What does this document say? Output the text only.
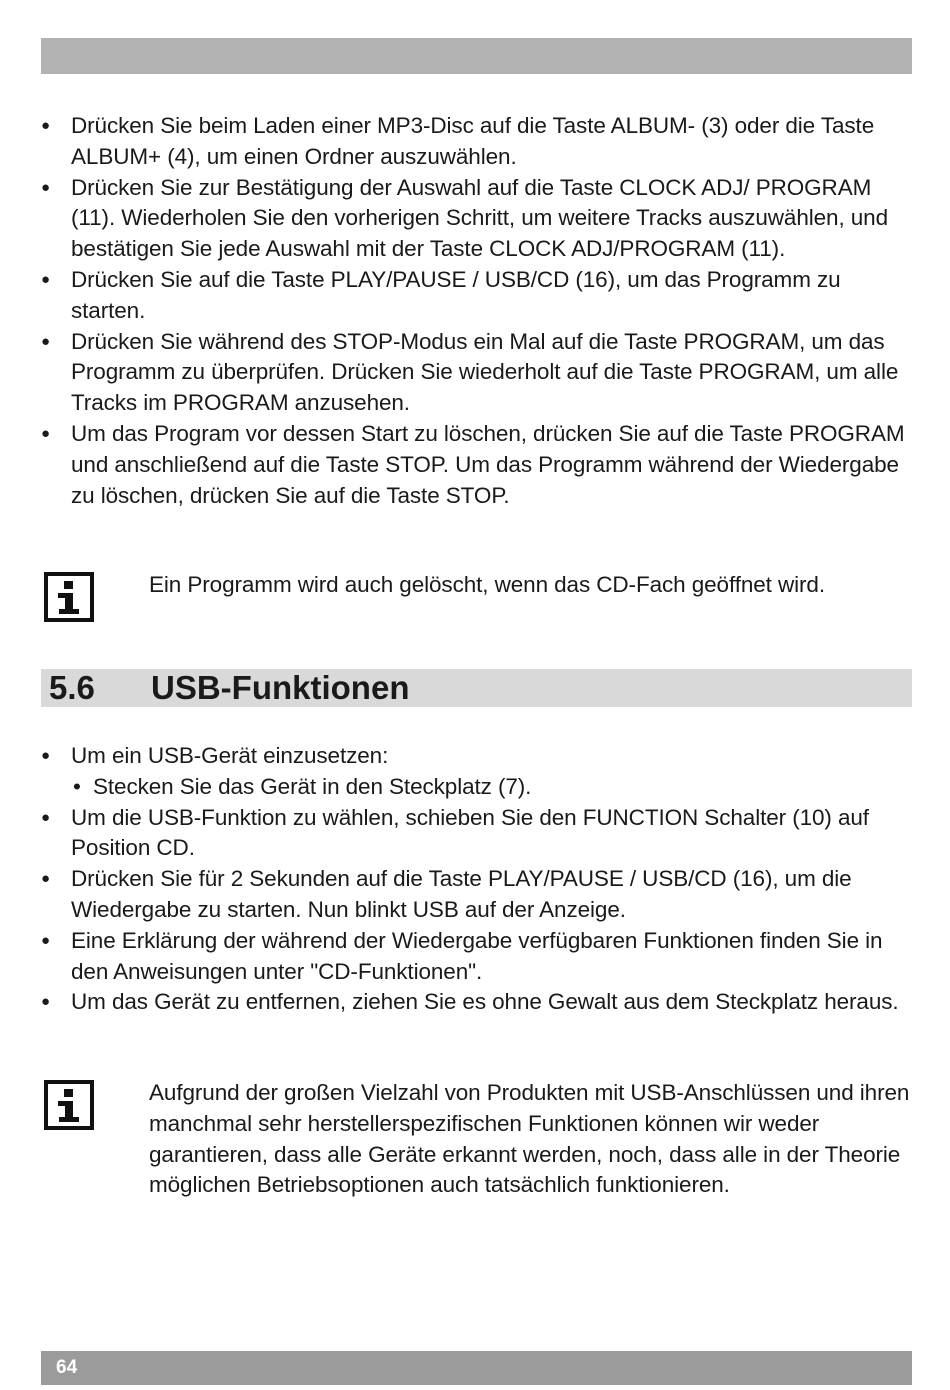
● Drücken Sie beim Laden einer MP3-Disc auf die Taste ALBUM- (3) oder die Taste ALBUM+ (4), um einen Ordner auszuwählen.
● Drücken Sie zur Bestätigung der Auswahl auf die Taste CLOCK ADJ/ PROGRAM (11). Wiederholen Sie den vorherigen Schritt, um weitere Tracks auszuwählen, und bestätigen Sie jede Auswahl mit der Taste CLOCK ADJ/PROGRAM (11).
● Drücken Sie auf die Taste PLAY/PAUSE / USB/CD (16), um das Programm zu starten.
● Drücken Sie während des STOP-Modus ein Mal auf die Taste PROGRAM, um das Programm zu überprüfen. Drücken Sie wiederholt auf die Taste PROGRAM, um alle Tracks im PROGRAM anzusehen.
● Um das Program vor dessen Start zu löschen, drücken Sie auf die Taste PROGRAM und anschließend auf die Taste STOP. Um das Programm während der Wiedergabe zu löschen, drücken Sie auf die Taste STOP.
Ein Programm wird auch gelöscht, wenn das CD-Fach geöffnet wird.
5.6 USB-Funktionen
● Um ein USB-Gerät einzusetzen:
• Stecken Sie das Gerät in den Steckplatz (7).
● Um die USB-Funktion zu wählen, schieben Sie den FUNCTION Schalter (10) auf Position CD.
● Drücken Sie für 2 Sekunden auf die Taste PLAY/PAUSE / USB/CD (16), um die Wiedergabe zu starten. Nun blinkt USB auf der Anzeige.
● Eine Erklärung der während der Wiedergabe verfügbaren Funktionen finden Sie in den Anweisungen unter "CD-Funktionen".
● Um das Gerät zu entfernen, ziehen Sie es ohne Gewalt aus dem Steckplatz heraus.
Aufgrund der großen Vielzahl von Produkten mit USB-Anschlüssen und ihren manchmal sehr herstellerspezifischen Funktionen können wir weder garantieren, dass alle Geräte erkannt werden, noch, dass alle in der Theorie möglichen Betriebsoptionen auch tatsächlich funktionieren.
64
